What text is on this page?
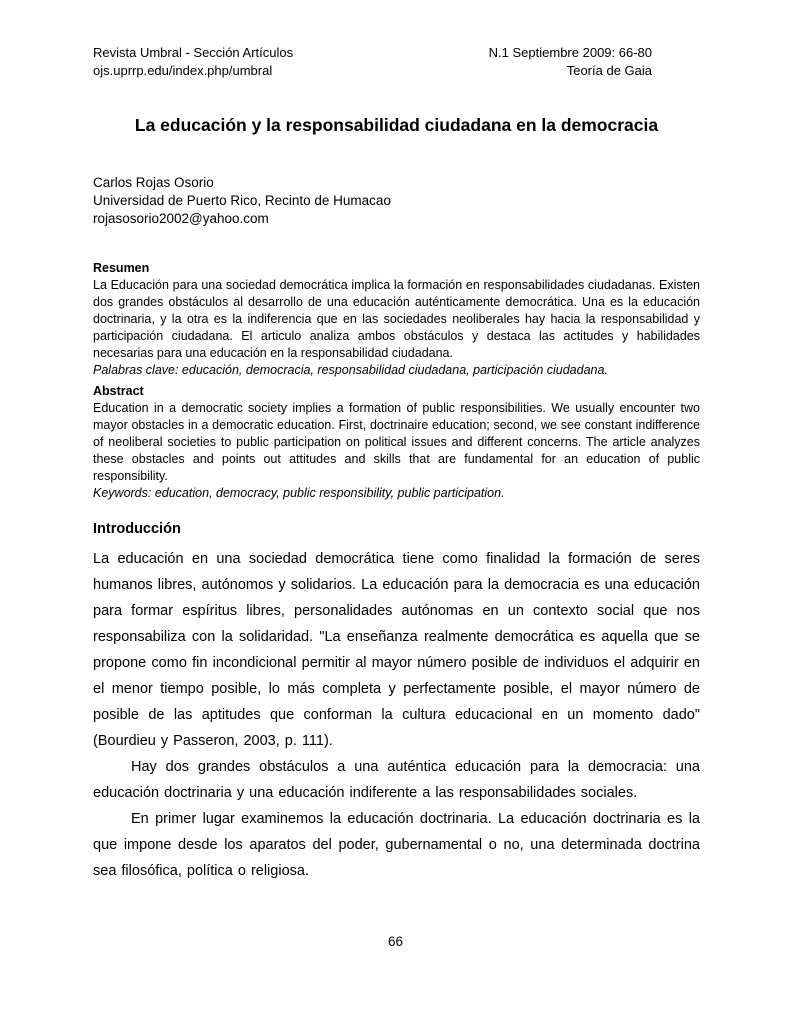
Revista Umbral - Sección Artículos
ojs.uprrp.edu/index.php/umbral
N.1 Septiembre 2009: 66-80
Teoría de Gaia
La educación y la responsabilidad ciudadana en la democracia
Carlos Rojas Osorio
Universidad de Puerto Rico, Recinto de Humacao
rojasosorio2002@yahoo.com
Resumen

La Educación para una sociedad democrática implica la formación en responsabilidades ciudadanas. Existen dos grandes obstáculos al desarrollo de una educación auténticamente democrática. Una es la educación doctrinaria, y la otra es la indiferencia que en las sociedades neoliberales hay hacia la responsabilidad y participación ciudadana. El articulo analiza ambos obstáculos y destaca las actitudes y habilidades necesarias para una educación en la responsabilidad ciudadana.

Palabras clave: educación, democracia, responsabilidad ciudadana, participación ciudadana.

Abstract

Education in a democratic society implies a formation of public responsibilities. We usually encounter two mayor obstacles in a democratic education. First, doctrinaire education; second, we see constant indifference of neoliberal societies to public participation on political issues and different concerns. The article analyzes these obstacles and points out attitudes and skills that are fundamental for an education of public responsibility.

Keywords: education, democracy, public responsibility, public participation.

Introducción

La educación en una sociedad democrática tiene como finalidad la formación de seres humanos libres, autónomos y solidarios. La educación para la democracia es una educación para formar espíritus libres, personalidades autónomas en un contexto social que nos responsabiliza con la solidaridad. "La enseñanza realmente democrática es aquella que se propone como fin incondicional permitir al mayor número posible de individuos el adquirir en el menor tiempo posible, lo más completa y perfectamente posible, el mayor número de posible de las aptitudes que conforman la cultura educacional en un momento dado" (Bourdieu y Passeron, 2003, p. 111).

Hay dos grandes obstáculos a una auténtica educación para la democracia: una educación doctrinaria y una educación indiferente a las responsabilidades sociales.

En primer lugar examinemos la educación doctrinaria. La educación doctrinaria es la que impone desde los aparatos del poder, gubernamental o no, una determinada doctrina sea filosófica, política o religiosa.

66
